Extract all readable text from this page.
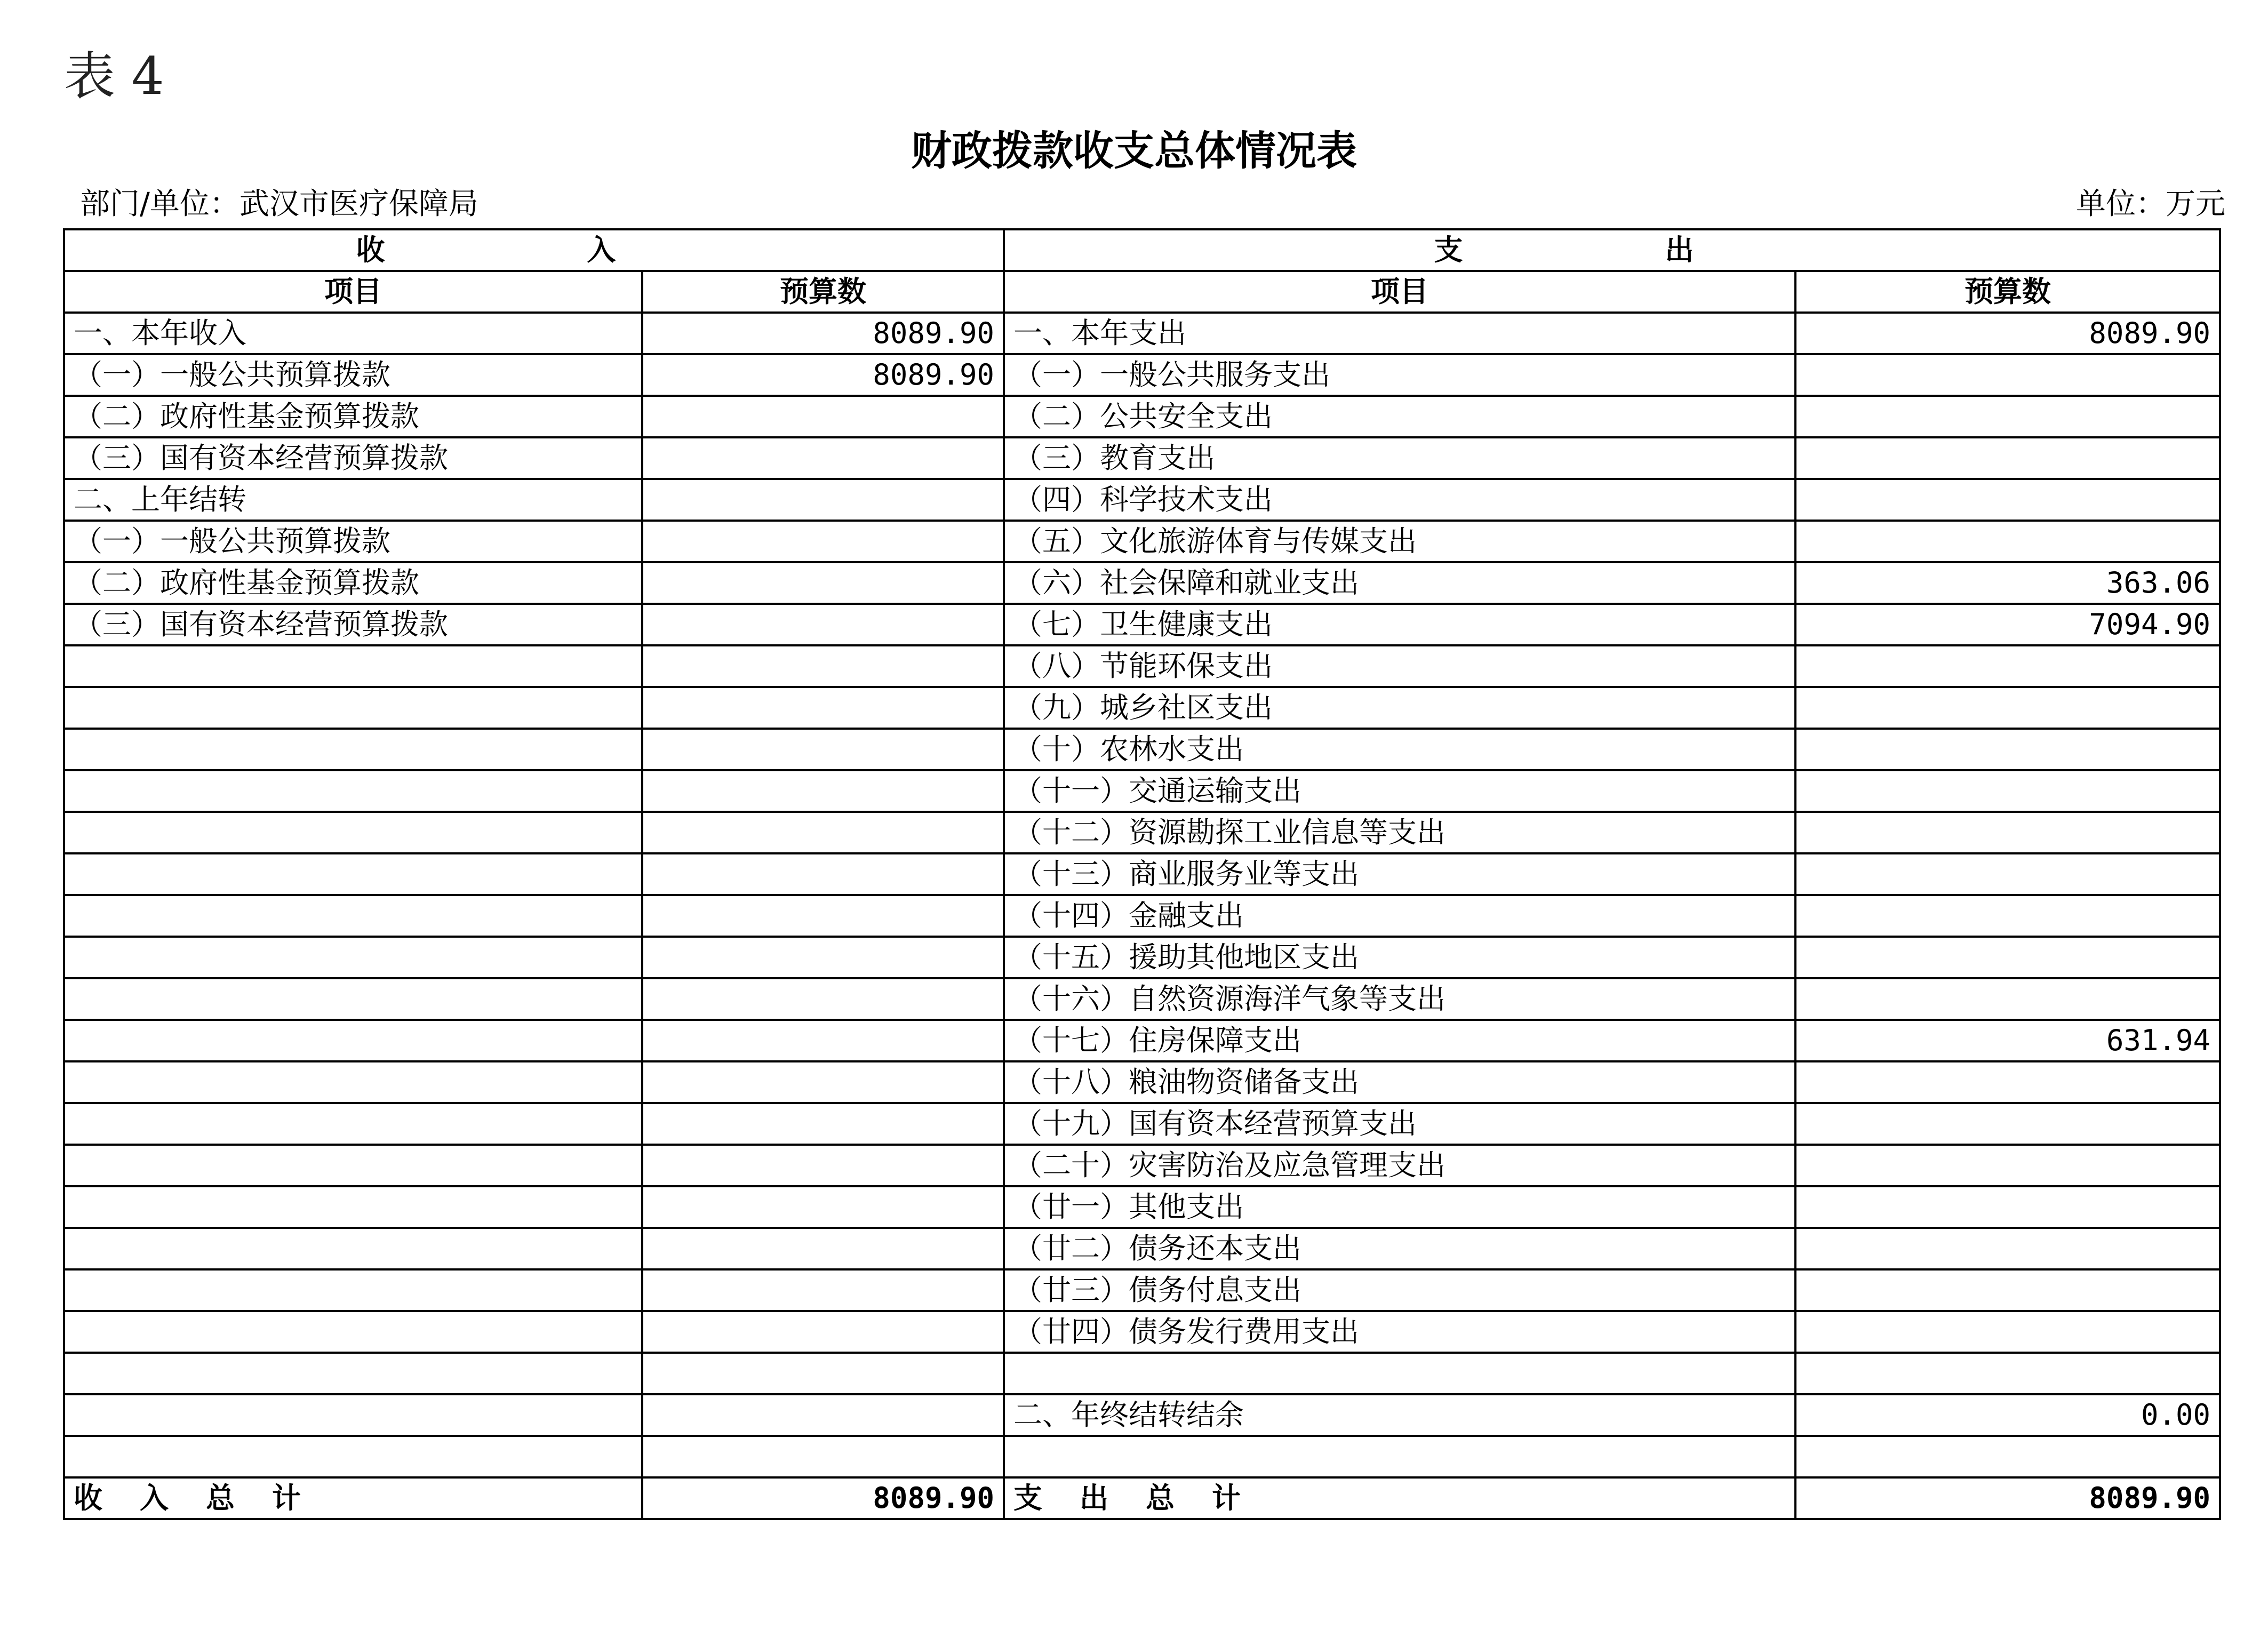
表 4
财政拨款收支总体情况表
部门/单位：武汉市医疗保障局	单位：万元
收 入		支 出	
项目	预算数	项目	预算数
一、本年收入	8089.90	一、本年支出	8089.90
（一）一般公共预算拨款	8089.90	（一）一般公共服务支出	
（二）政府性基金预算拨款		（二）公共安全支出	
（三）国有资本经营预算拨款		（三）教育支出	
二、上年结转		（四）科学技术支出	
（一）一般公共预算拨款		（五）文化旅游体育与传媒支出	
（二）政府性基金预算拨款		（六）社会保障和就业支出	363.06
（三）国有资本经营预算拨款		（七）卫生健康支出	7094.90
		（八）节能环保支出	
		（九）城乡社区支出	
		（十）农林水支出	
		（十一）交通运输支出	
		（十二）资源勘探工业信息等支出	
		（十三）商业服务业等支出	
		（十四）金融支出	
		（十五）援助其他地区支出	
		（十六）自然资源海洋气象等支出	
		（十七）住房保障支出	631.94
		（十八）粮油物资储备支出	
		（十九）国有资本经营预算支出	
		（二十）灾害防治及应急管理支出	
		（廿一）其他支出	
		（廿二）债务还本支出	
		（廿三）债务付息支出	
		（廿四）债务发行费用支出	

		二、年终结转结余	0.00

收入总计	8089.90	支出总计	8089.90
